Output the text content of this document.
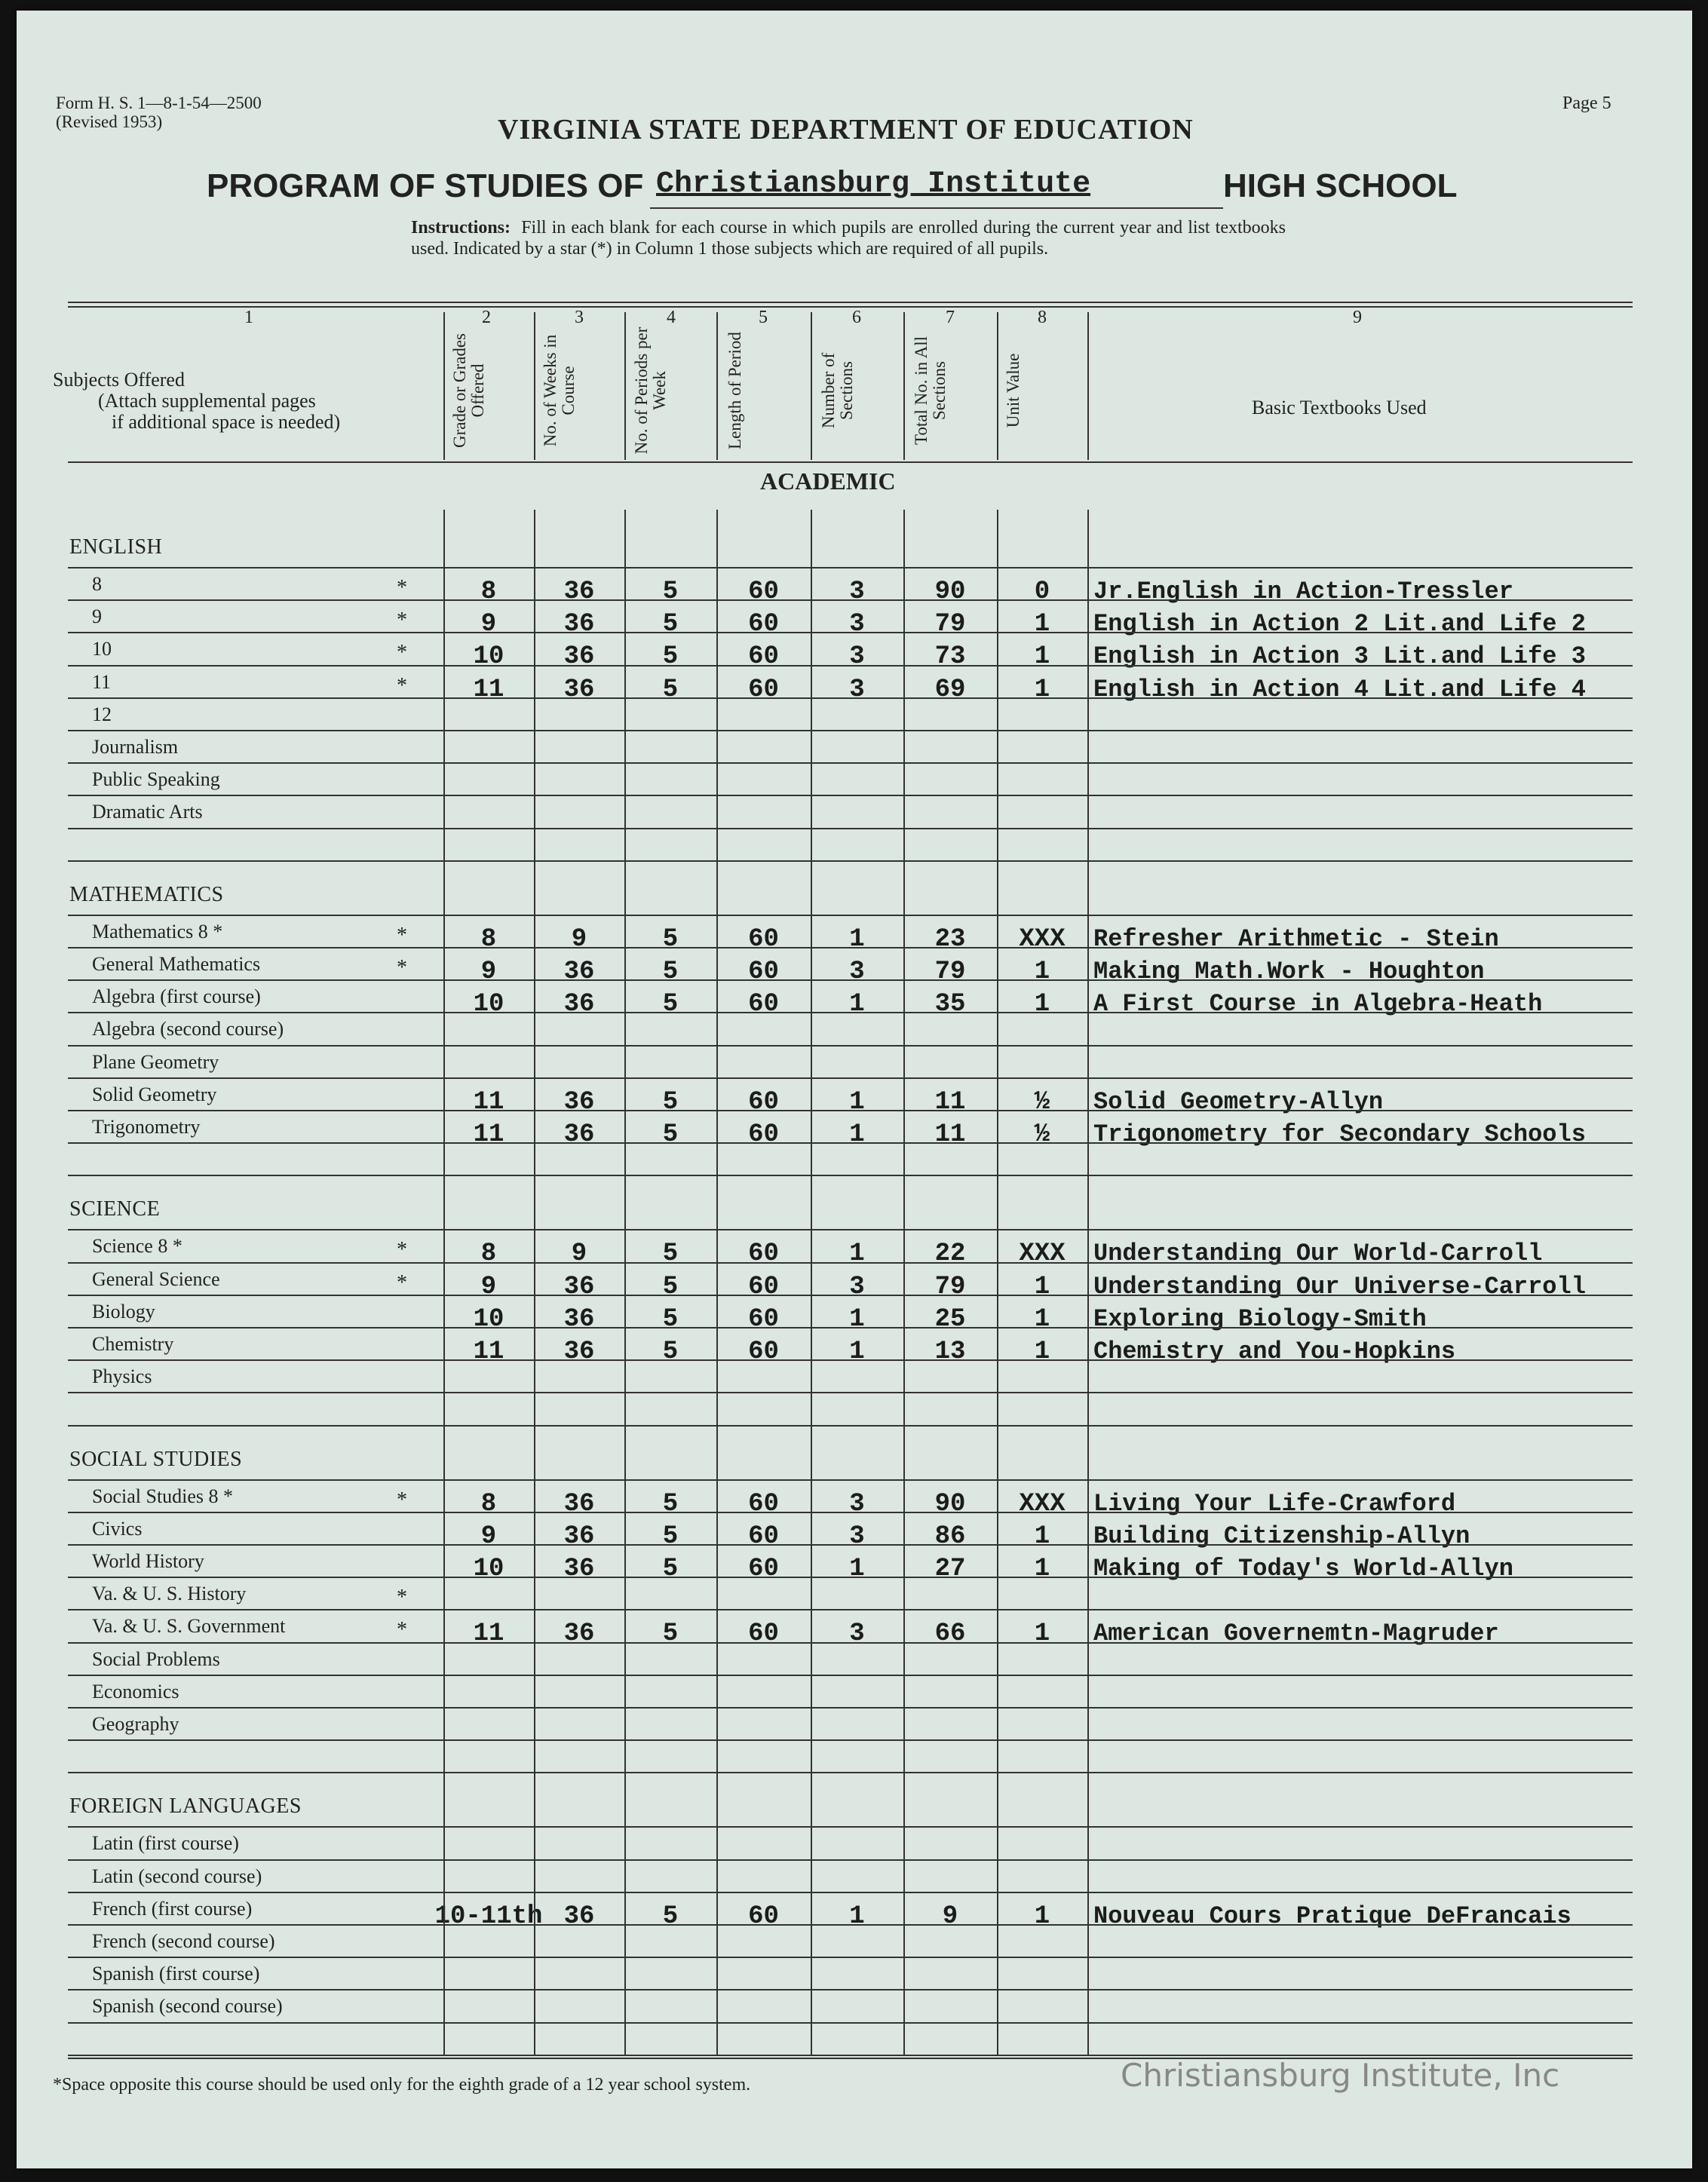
Form H. S. 1—8-1-54—2500
(Revised 1953)
Page 5
VIRGINIA STATE DEPARTMENT OF EDUCATION
PROGRAM OF STUDIES OF Christiansburg Institute	HIGH SCHOOL
Instructions: Fill in each blank for each course in which pupils are enrolled during the current year and list textbooks used. Indicated by a star (*) in Column 1 those subjects which are required of all pupils.
Basic Textbooks Used
Subjects Offered
(Attach supplemental pages
if additional space is needed)
ACADEMIC
*Space opposite this course should be used only for the eighth grade of a 12 year school system.	Christiansburg Institute, Inc
1	2	3	4	5	6	7	8	9
Grade or Grades Offered	No. of Weeks in Course	No. of Periods per Week	Length of Period	Number of Sections	Total No. in All Sections	Unit Value
ENGLISH
8	*	8	36	5	60	3	90	0	Jr.English in Action-Tressler
9	*	9	36	5	60	3	79	1	English in Action 2 Lit.and Life 2
10	*	10	36	5	60	3	73	1	English in Action 3 Lit.and Life 3
11	*	11	36	5	60	3	69	1	English in Action 4 Lit.and Life 4
12
Journalism
Public Speaking
Dramatic Arts
MATHEMATICS
Mathematics 8 *	*	8	9	5	60	1	23	XXX	Refresher Arithmetic - Stein
General Mathematics	*	9	36	5	60	3	79	1	Making Math.Work - Houghton
Algebra (first course)	10	36	5	60	1	35	1	A First Course in Algebra-Heath
Algebra (second course)
Plane Geometry
Solid Geometry	11	36	5	60	1	11	½	Solid Geometry-Allyn
Trigonometry	11	36	5	60	1	11	½	Trigonometry for Secondary Schools
SCIENCE
Science 8 *	*	8	9	5	60	1	22	XXX	Understanding Our World-Carroll
General Science	*	9	36	5	60	3	79	1	Understanding Our Universe-Carroll
Biology	10	36	5	60	1	25	1	Exploring Biology-Smith
Chemistry	11	36	5	60	1	13	1	Chemistry and You-Hopkins
Physics
SOCIAL STUDIES
Social Studies 8 *	*	8	36	5	60	3	90	XXX	Living Your Life-Crawford
Civics	9	36	5	60	3	86	1	Building Citizenship-Allyn
World History	10	36	5	60	1	27	1	Making of Today's World-Allyn
Va. & U. S. History	*
Va. & U. S. Government	*	11	36	5	60	3	66	1	American Governemtn-Magruder
Social Problems
Economics
Geography
FOREIGN LANGUAGES
Latin (first course)
Latin (second course)
French (first course)	10-11th 36	5	60	1	9	1	Nouveau Cours Pratique DeFrancais
French (second course)
Spanish (first course)
Spanish (second course)
